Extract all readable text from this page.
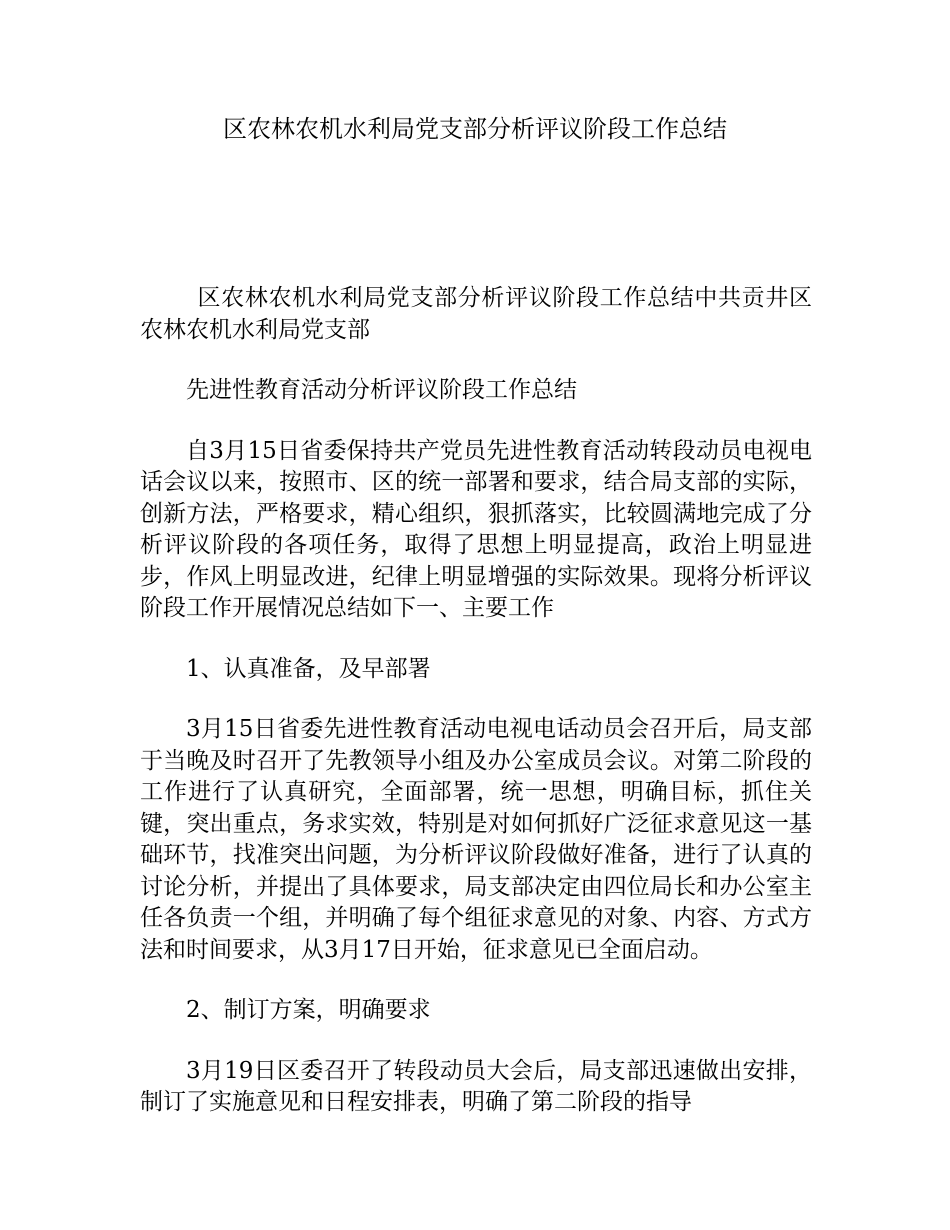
区农林农机水利局党支部分析评议阶段工作总结

区农林农机水利局党支部分析评议阶段工作总结中共贡井区农林农机水利局党支部

先进性教育活动分析评议阶段工作总结

自3月15日省委保持共产党员先进性教育活动转段动员电视电话会议以来，按照市、区的统一部署和要求，结合局支部的实际，创新方法，严格要求，精心组织，狠抓落实，比较圆满地完成了分析评议阶段的各项任务，取得了思想上明显提高，政治上明显进步，作风上明显改进，纪律上明显增强的实际效果。现将分析评议阶段工作开展情况总结如下一、主要工作

1、认真准备，及早部署

3月15日省委先进性教育活动电视电话动员会召开后，局支部于当晚及时召开了先教领导小组及办公室成员会议。对第二阶段的工作进行了认真研究，全面部署，统一思想，明确目标，抓住关键，突出重点，务求实效，特别是对如何抓好广泛征求意见这一基础环节，找准突出问题，为分析评议阶段做好准备，进行了认真的讨论分析，并提出了具体要求，局支部决定由四位局长和办公室主任各负责一个组，并明确了每个组征求意见的对象、内容、方式方法和时间要求，从3月17日开始，征求意见已全面启动。

2、制订方案，明确要求

3月19日区委召开了转段动员大会后，局支部迅速做出安排，制订了实施意见和日程安排表，明确了第二阶段的指导
